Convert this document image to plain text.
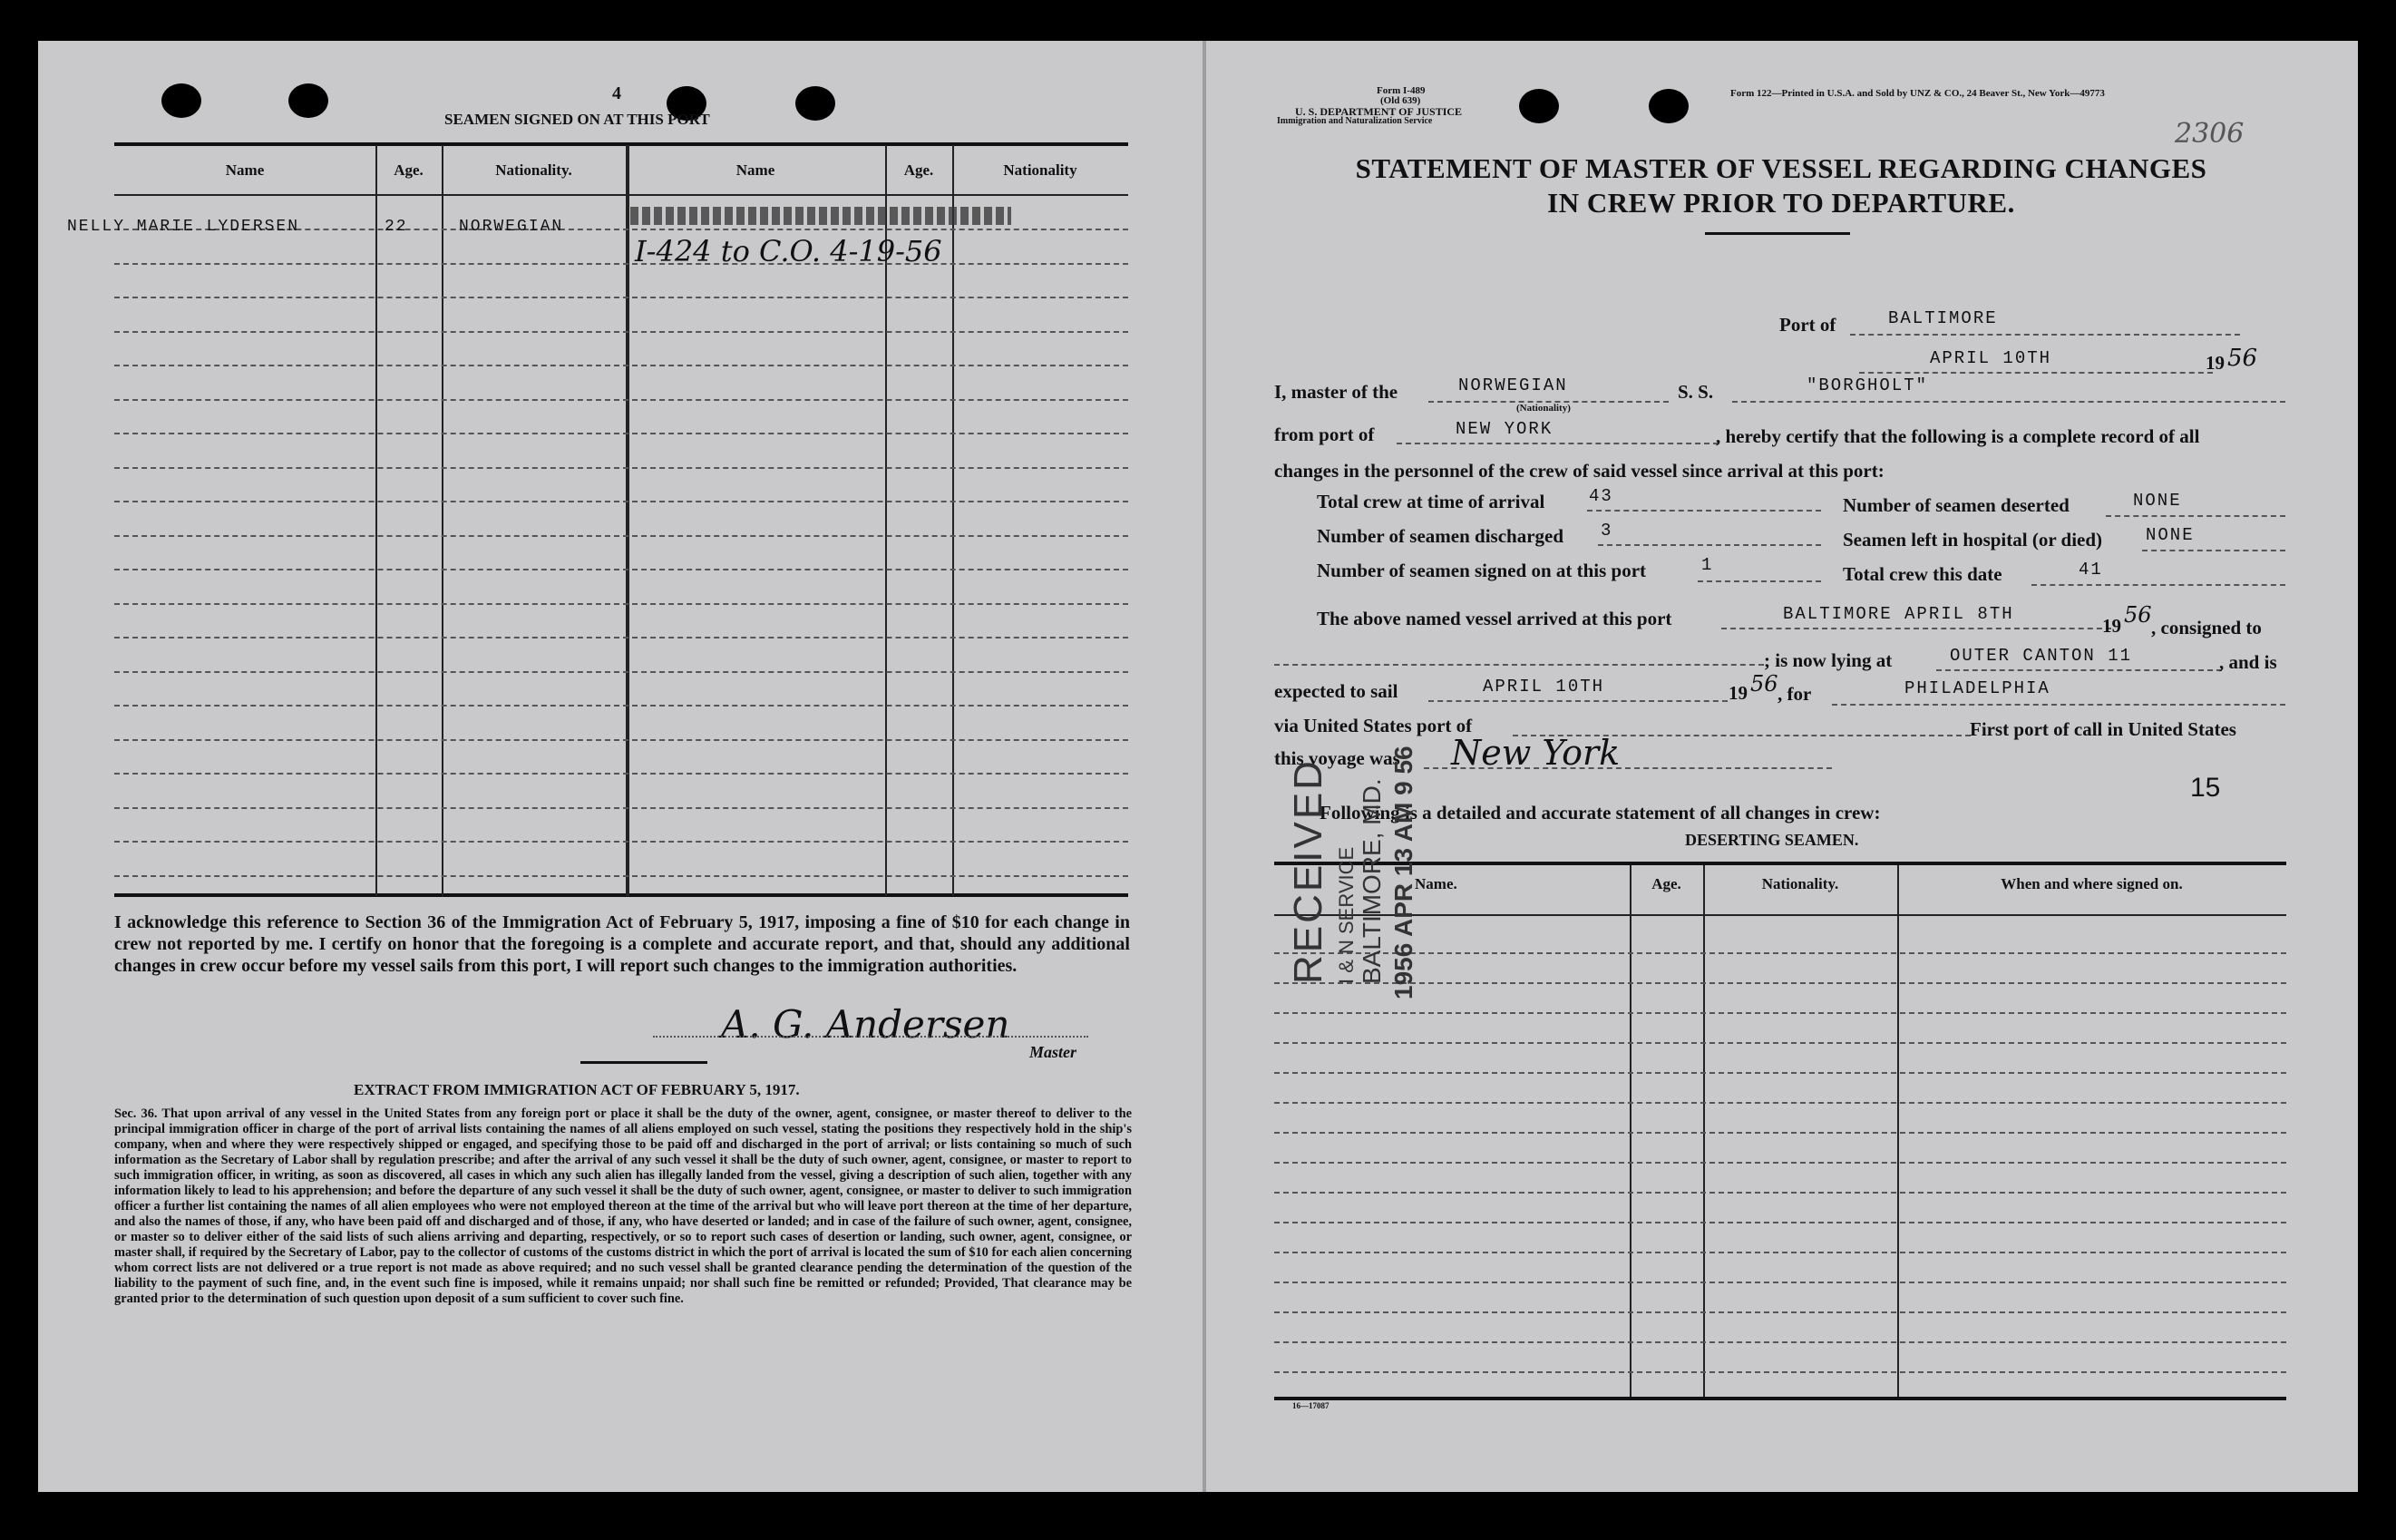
4
SEAMEN SIGNED ON AT THIS PORT
Name	Age.	Nationality.	Name	Age.	Nationality
NELLY MARIE LYDERSEN	22	NORWEGIAN
I-424 to C.O. 4-19-56
I acknowledge this reference to Section 36 of the Immigration Act of February 5, 1917, imposing a fine of $10 for each change in crew not reported by me. I certify on honor that the foregoing is a complete and accurate report, and that, should any additional changes in crew occur before my vessel sails from this port, I will report such changes to the immigration authorities.
A. G. Andersen
Master
EXTRACT FROM IMMIGRATION ACT OF FEBRUARY 5, 1917.
Sec. 36. That upon arrival of any vessel in the United States from any foreign port or place it shall be the duty of the owner, agent, consignee, or master thereof to deliver to the principal immigration officer in charge of the port of arrival lists containing the names of all aliens employed on such vessel, stating the positions they respectively hold in the ship's company, when and where they were respectively shipped or engaged, and specifying those to be paid off and discharged in the port of arrival; or lists containing so much of such information as the Secretary of Labor shall by regulation prescribe; and after the arrival of any such vessel it shall be the duty of such owner, agent, consignee, or master to report to such immigration officer, in writing, as soon as discovered, all cases in which any such alien has illegally landed from the vessel, giving a description of such alien, together with any information likely to lead to his apprehension; and before the departure of any such vessel it shall be the duty of such owner, agent, consignee, or master to deliver to such immigration officer a further list containing the names of all alien employees who were not employed thereon at the time of the arrival but who will leave port thereon at the time of her departure, and also the names of those, if any, who have been paid off and discharged and of those, if any, who have deserted or landed; and in case of the failure of such owner, agent, consignee, or master so to deliver either of the said lists of such aliens arriving and departing, respectively, or so to report such cases of desertion or landing, such owner, agent, consignee, or master shall, if required by the Secretary of Labor, pay to the collector of customs of the customs district in which the port of arrival is located the sum of $10 for each alien concerning whom correct lists are not delivered or a true report is not made as above required; and no such vessel shall be granted clearance pending the determination of the question of the liability to the payment of such fine, and, in the event such fine is imposed, while it remains unpaid; nor shall such fine be remitted or refunded; Provided, That clearance may be granted prior to the determination of such question upon deposit of a sum sufficient to cover such fine.
Form I-489
(Old 639)
U. S. DEPARTMENT OF JUSTICE
Immigration and Naturalization Service
Form 122—Printed in U.S.A. and Sold by UNZ & CO., 24 Beaver St., New York—49773
2306
STATEMENT OF MASTER OF VESSEL REGARDING CHANGES
IN CREW PRIOR TO DEPARTURE.
Port of	BALTIMORE
APRIL 10TH	19 56
I, master of the	NORWEGIAN
(Nationality)
S. S.	"BORGHOLT"
from port of	NEW YORK	, hereby certify that the following is a complete record of all
changes in the personnel of the crew of said vessel since arrival at this port:
Total crew at time of arrival	43	Number of seamen deserted	NONE
Number of seamen discharged 3	Seamen left in hospital (or died)	NONE
Number of seamen signed on at this port	1	Total crew this date	41
The above named vessel arrived at this port	BALTIMORE APRIL 8TH
19 56 , consigned to
; is now lying at	OUTER CANTON 11	, and is
expected to sail	APRIL 10TH	19 56 , for	PHILADELPHIA
via United States port of	First port of call in United States
this voyage was New York
15
Following is a detailed and accurate statement of all changes in crew:
DESERTING SEAMEN.
Name.	Age.	Nationality.	When and where signed on.
16—17087
RECEIVED I & N SERVICE BALTIMORE, MD. 1956 APR 13 AM 9 56
